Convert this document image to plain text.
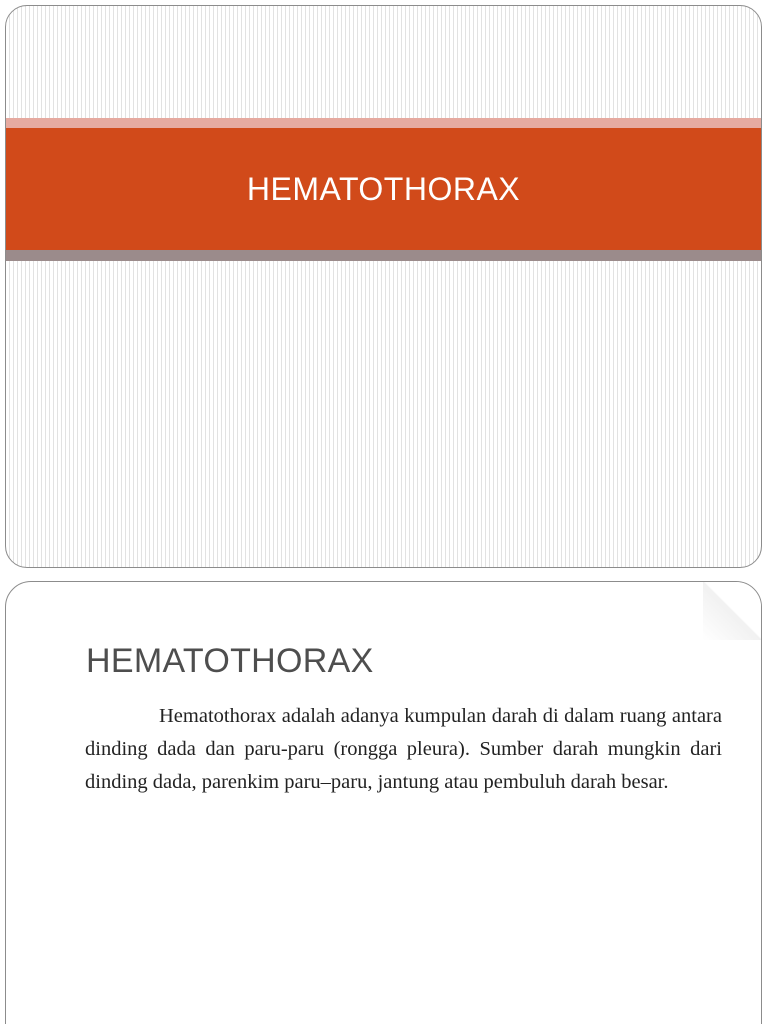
HEMATOTHORAX
HEMATOTHORAX

Hematothorax adalah adanya kumpulan darah di dalam ruang antara dinding dada dan paru-paru (rongga pleura). Sumber darah mungkin dari dinding dada, parenkim paru–paru, jantung atau pembuluh darah besar.
